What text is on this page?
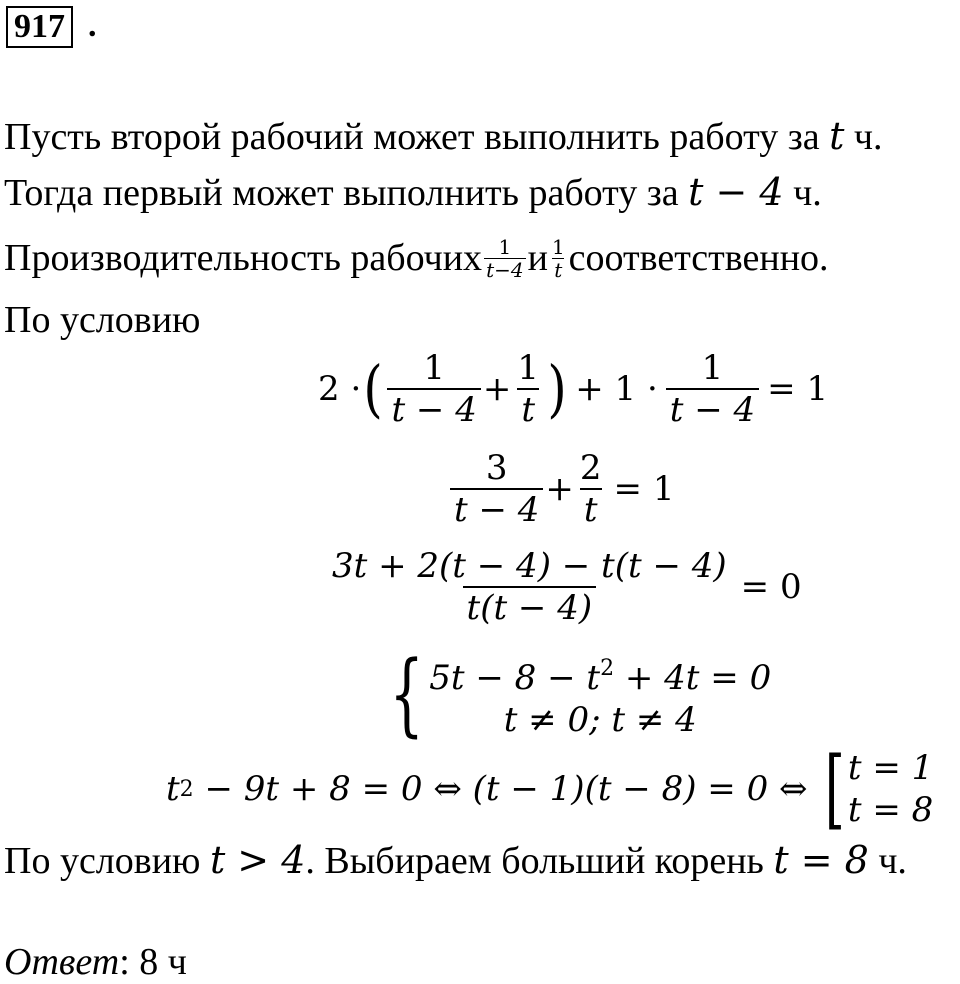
917 .
Пусть второй рабочий может выполнить работу за t ч.
Тогда первый может выполнить работу за t − 4 ч.
Производительность рабочих $\frac{1}{t-4}$ и $\frac{1}{t}$ соответственно.
По условию
2 · ( $\frac{1}{t - 4} + \frac{1}{t}$ ) + $1 \cdot \frac{1}{t - 4} = 1$
$\frac{3}{t - 4} + \frac{2}{t} = 1$
$\frac{3t + 2(t - 4) - t(t - 4)}{t(t - 4)} = 0$
{ $5t - 8 - t^2 + 4t = 0$
t ≠ 0; t ≠ 4
t 2 − 9t + 8 = 0 ⇔ (t − 1)(t − 8) = 0 ⇔ [ t = 1
t = 8
По условию t > 4. Выбираем больший корень t = 8 ч.
Ответ: 8 ч
